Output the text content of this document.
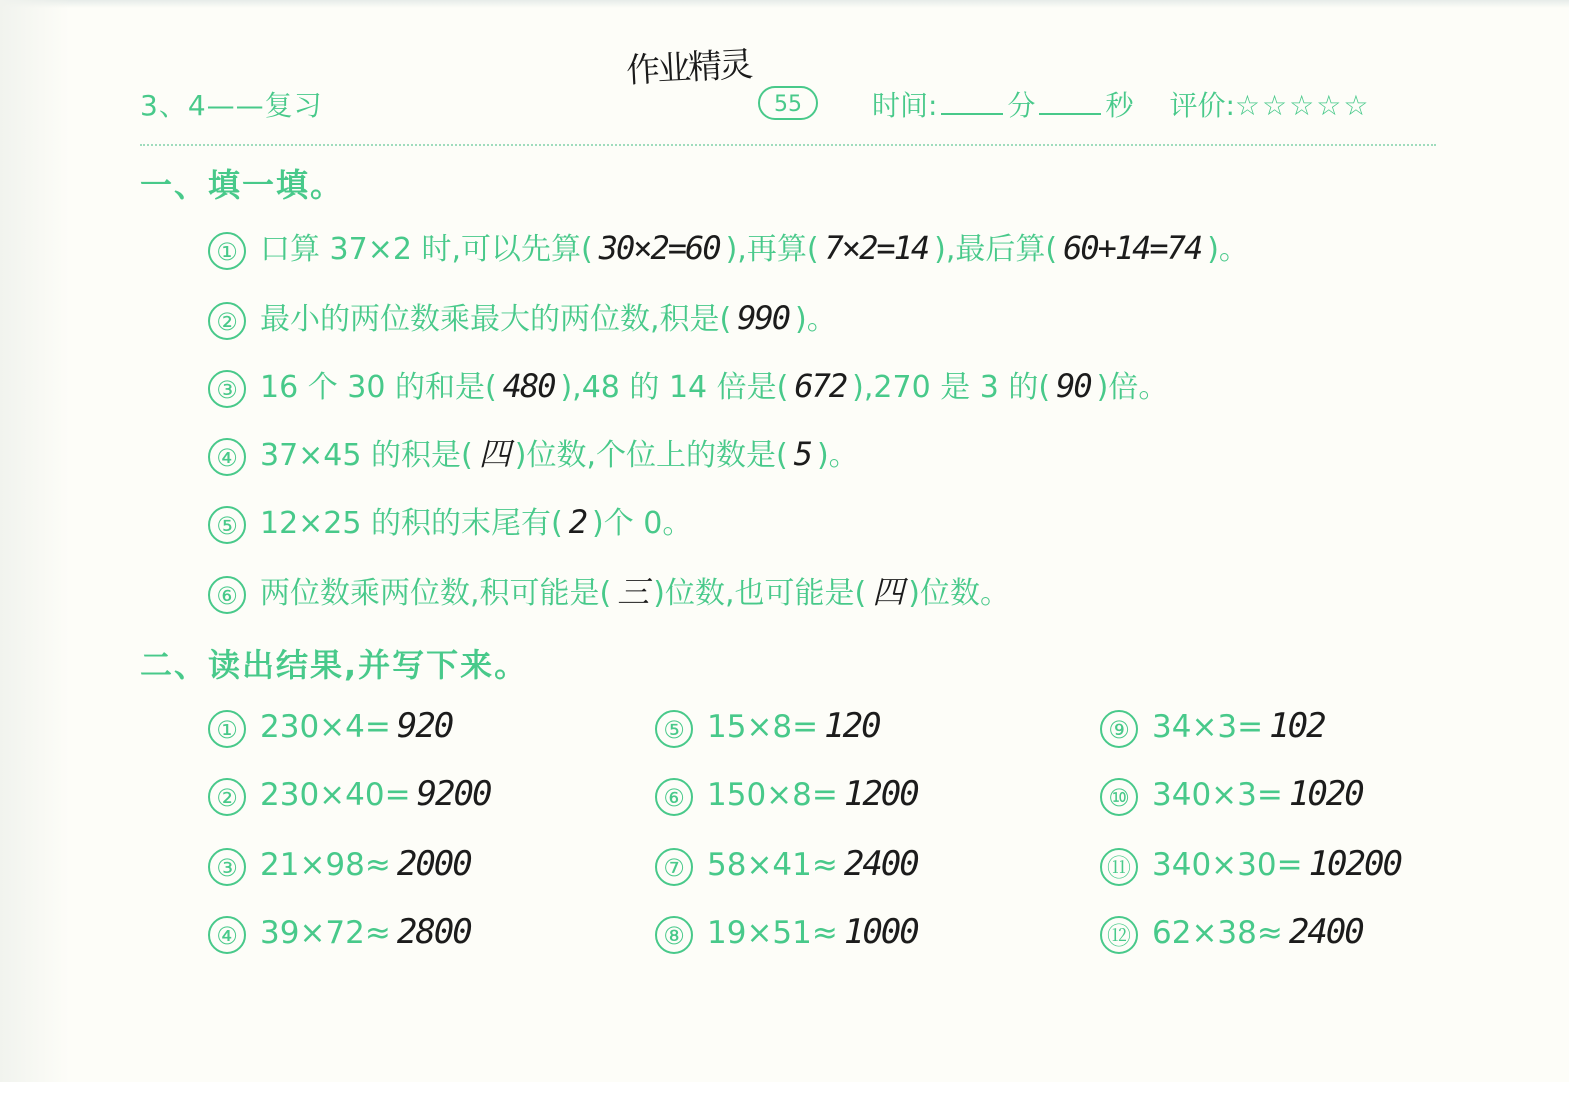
3、4——复习
作业精灵
55	时间:	分	秒 评价: ☆☆☆☆☆
一、填一填。
① 口算 37×2 时,可以先算( 30×2=60 ),再算( 7×2=14 ),最后算( 60+14=74 )。
② 最小的两位数乘最大的两位数,积是( 990 )。
③ 16 个 30 的和是( 480 ),48 的 14 倍是( 672 ),270 是 3 的( 90 )倍。
④ 37×45 的积是( 四 )位数,个位上的数是( 5 )。
⑤ 12×25 的积的末尾有( 2 )个 0。
⑥ 两位数乘两位数,积可能是( 三 )位数,也可能是( 四 )位数。
二、读出结果,并写下来。
① 230×4= 920
② 230×40= 9200
③ 21×98≈ 2000
④ 39×72≈ 2800
⑤ 15×8= 120
⑥ 150×8= 1200
⑦ 58×41≈ 2400
⑧ 19×51≈ 1000
⑨ 34×3= 102
⑩ 340×3= 1020
⑪ 340×30= 10200
⑫ 62×38≈ 2400
